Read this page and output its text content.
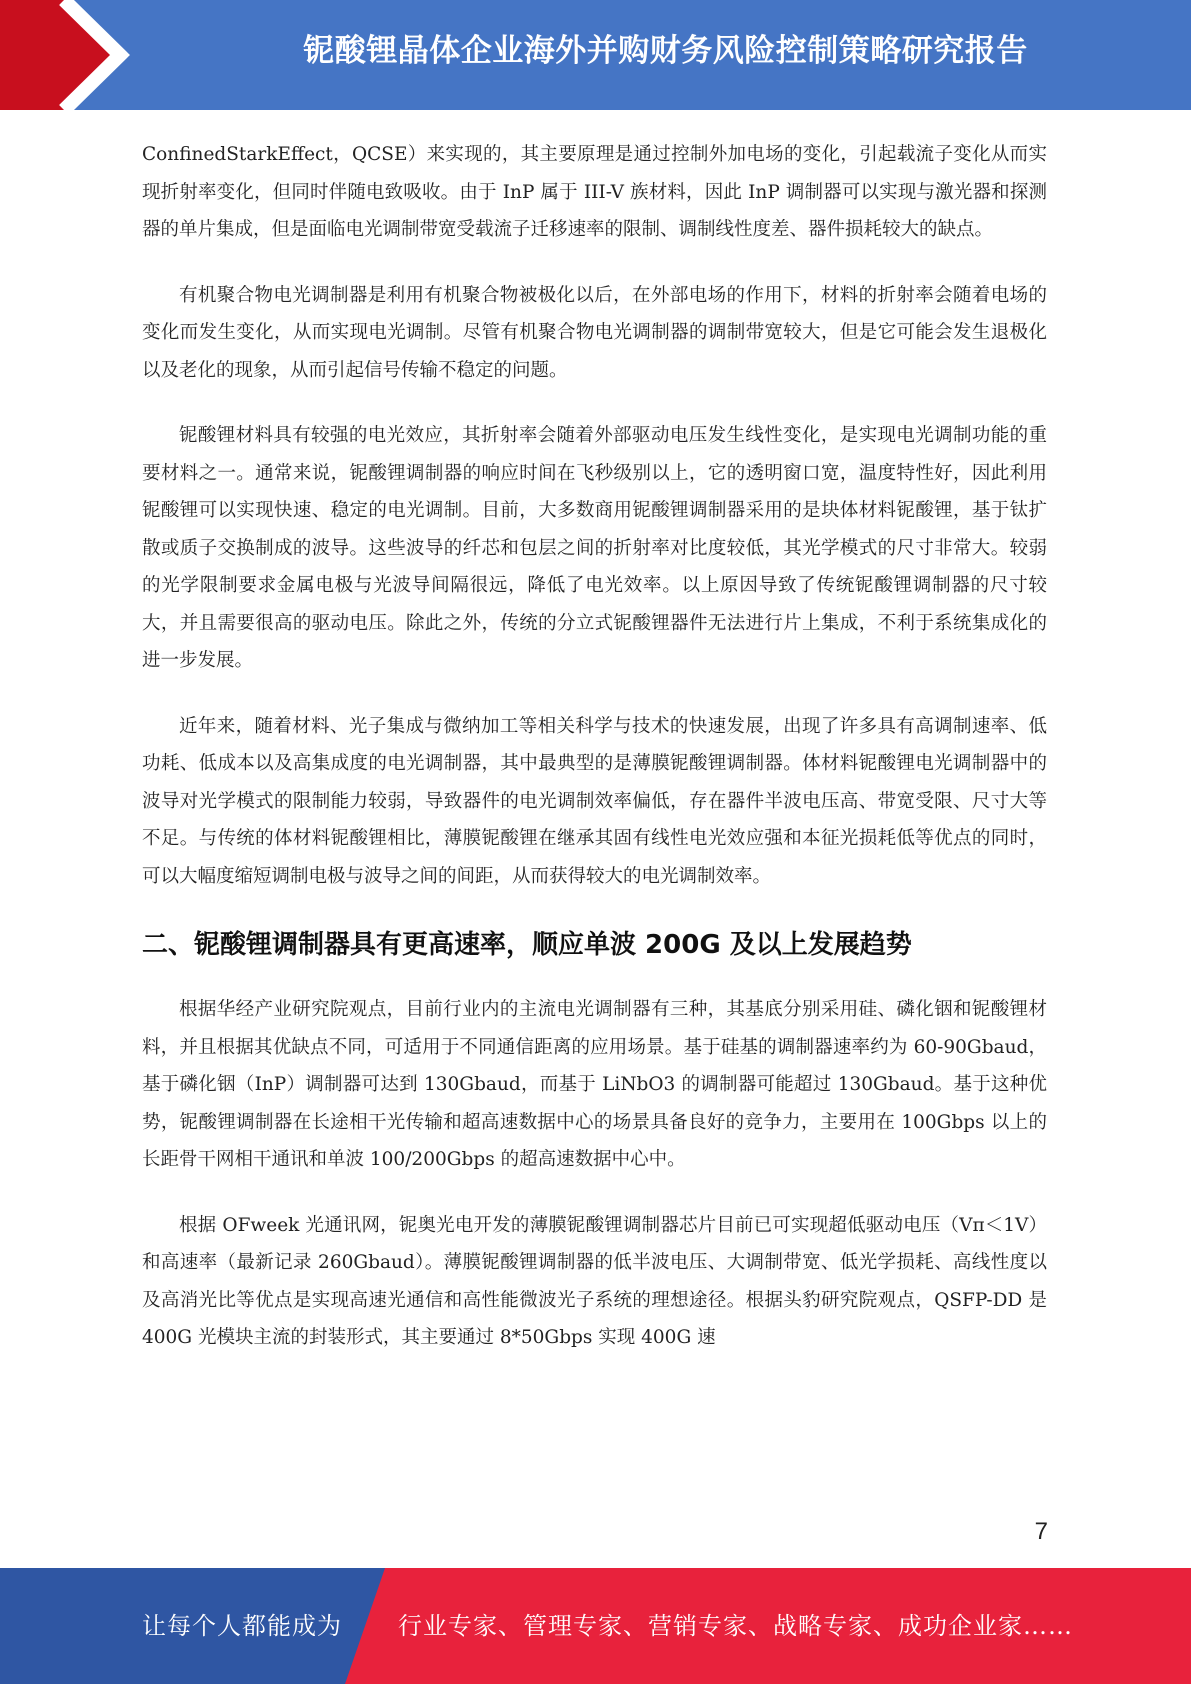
铌酸锂晶体企业海外并购财务风险控制策略研究报告

ConfinedStarkEffect，QCSE）来实现的，其主要原理是通过控制外加电场的变化，引起载流子变化从而实现折射率变化，但同时伴随电致吸收。由于 InP 属于 III-V 族材料，因此 InP 调制器可以实现与激光器和探测器的单片集成，但是面临电光调制带宽受载流子迁移速率的限制、调制线性度差、器件损耗较大的缺点。

有机聚合物电光调制器是利用有机聚合物被极化以后，在外部电场的作用下，材料的折射率会随着电场的变化而发生变化，从而实现电光调制。尽管有机聚合物电光调制器的调制带宽较大，但是它可能会发生退极化以及老化的现象，从而引起信号传输不稳定的问题。

铌酸锂材料具有较强的电光效应，其折射率会随着外部驱动电压发生线性变化，是实现电光调制功能的重要材料之一。通常来说，铌酸锂调制器的响应时间在飞秒级别以上，它的透明窗口宽，温度特性好，因此利用铌酸锂可以实现快速、稳定的电光调制。目前，大多数商用铌酸锂调制器采用的是块体材料铌酸锂，基于钛扩散或质子交换制成的波导。这些波导的纤芯和包层之间的折射率对比度较低，其光学模式的尺寸非常大。较弱的光学限制要求金属电极与光波导间隔很远，降低了电光效率。以上原因导致了传统铌酸锂调制器的尺寸较大，并且需要很高的驱动电压。除此之外，传统的分立式铌酸锂器件无法进行片上集成，不利于系统集成化的进一步发展。

近年来，随着材料、光子集成与微纳加工等相关科学与技术的快速发展，出现了许多具有高调制速率、低功耗、低成本以及高集成度的电光调制器，其中最典型的是薄膜铌酸锂调制器。体材料铌酸锂电光调制器中的波导对光学模式的限制能力较弱，导致器件的电光调制效率偏低，存在器件半波电压高、带宽受限、尺寸大等不足。与传统的体材料铌酸锂相比，薄膜铌酸锂在继承其固有线性电光效应强和本征光损耗低等优点的同时，可以大幅度缩短调制电极与波导之间的间距，从而获得较大的电光调制效率。

二、铌酸锂调制器具有更高速率，顺应单波 200G 及以上发展趋势

根据华经产业研究院观点，目前行业内的主流电光调制器有三种，其基底分别采用硅、磷化铟和铌酸锂材料，并且根据其优缺点不同，可适用于不同通信距离的应用场景。基于硅基的调制器速率约为 60-90Gbaud，基于磷化铟（InP）调制器可达到 130Gbaud，而基于 LiNbO3 的调制器可能超过 130Gbaud。基于这种优势，铌酸锂调制器在长途相干光传输和超高速数据中心的场景具备良好的竞争力，主要用在 100Gbps 以上的长距骨干网相干通讯和单波 100/200Gbps 的超高速数据中心中。

根据 OFweek 光通讯网，铌奥光电开发的薄膜铌酸锂调制器芯片目前已可实现超低驱动电压（Vπ＜1V）和高速率（最新记录 260Gbaud）。薄膜铌酸锂调制器的低半波电压、大调制带宽、低光学损耗、高线性度以及高消光比等优点是实现高速光通信和高性能微波光子系统的理想途径。根据头豹研究院观点，QSFP-DD 是 400G 光模块主流的封装形式，其主要通过 8*50Gbps 实现 400G 速

7
让每个人都能成为 行业专家、管理专家、营销专家、战略专家、成功企业家……
